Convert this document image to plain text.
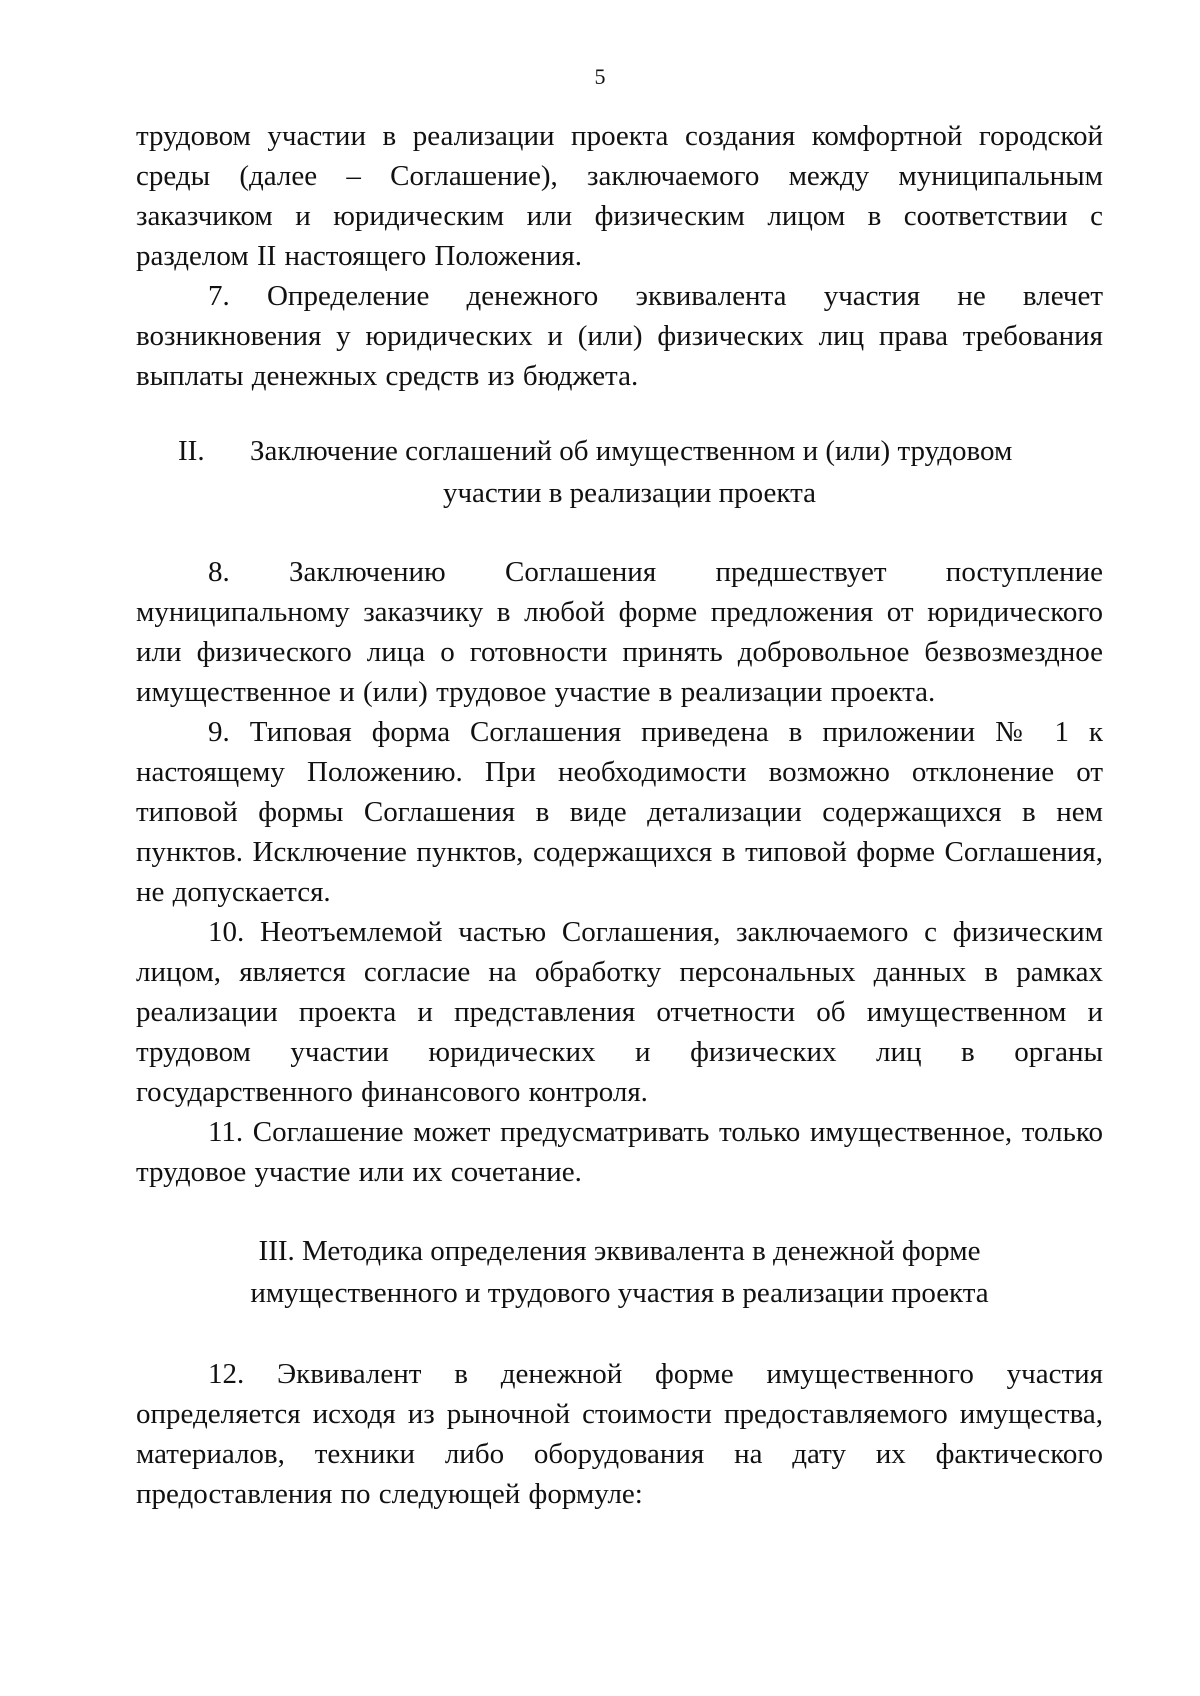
5

трудовом участии в реализации проекта создания комфортной городской среды (далее – Соглашение), заключаемого между муниципальным заказчиком и юридическим или физическим лицом в соответствии с разделом II настоящего Положения.

7. Определение денежного эквивалента участия не влечет возникновения у юридических и (или) физических лиц права требования выплаты денежных средств из бюджета.

II. Заключение соглашений об имущественном и (или) трудовом
участии в реализации проекта

8. Заключению Соглашения предшествует поступление муниципальному заказчику в любой форме предложения от юридического или физического лица о готовности принять добровольное безвозмездное имущественное и (или) трудовое участие в реализации проекта.

9. Типовая форма Соглашения приведена в приложении № 1 к настоящему Положению. При необходимости возможно отклонение от типовой формы Соглашения в виде детализации содержащихся в нем пунктов. Исключение пунктов, содержащихся в типовой форме Соглашения, не допускается.

10. Неотъемлемой частью Соглашения, заключаемого с физическим лицом, является согласие на обработку персональных данных в рамках реализации проекта и представления отчетности об имущественном и трудовом участии юридических и физических лиц в органы государственного финансового контроля.

11. Соглашение может предусматривать только имущественное, только трудовое участие или их сочетание.

III. Методика определения эквивалента в денежной форме
имущественного и трудового участия в реализации проекта

12. Эквивалент в денежной форме имущественного участия определяется исходя из рыночной стоимости предоставляемого имущества, материалов, техники либо оборудования на дату их фактического предоставления по следующей формуле:
